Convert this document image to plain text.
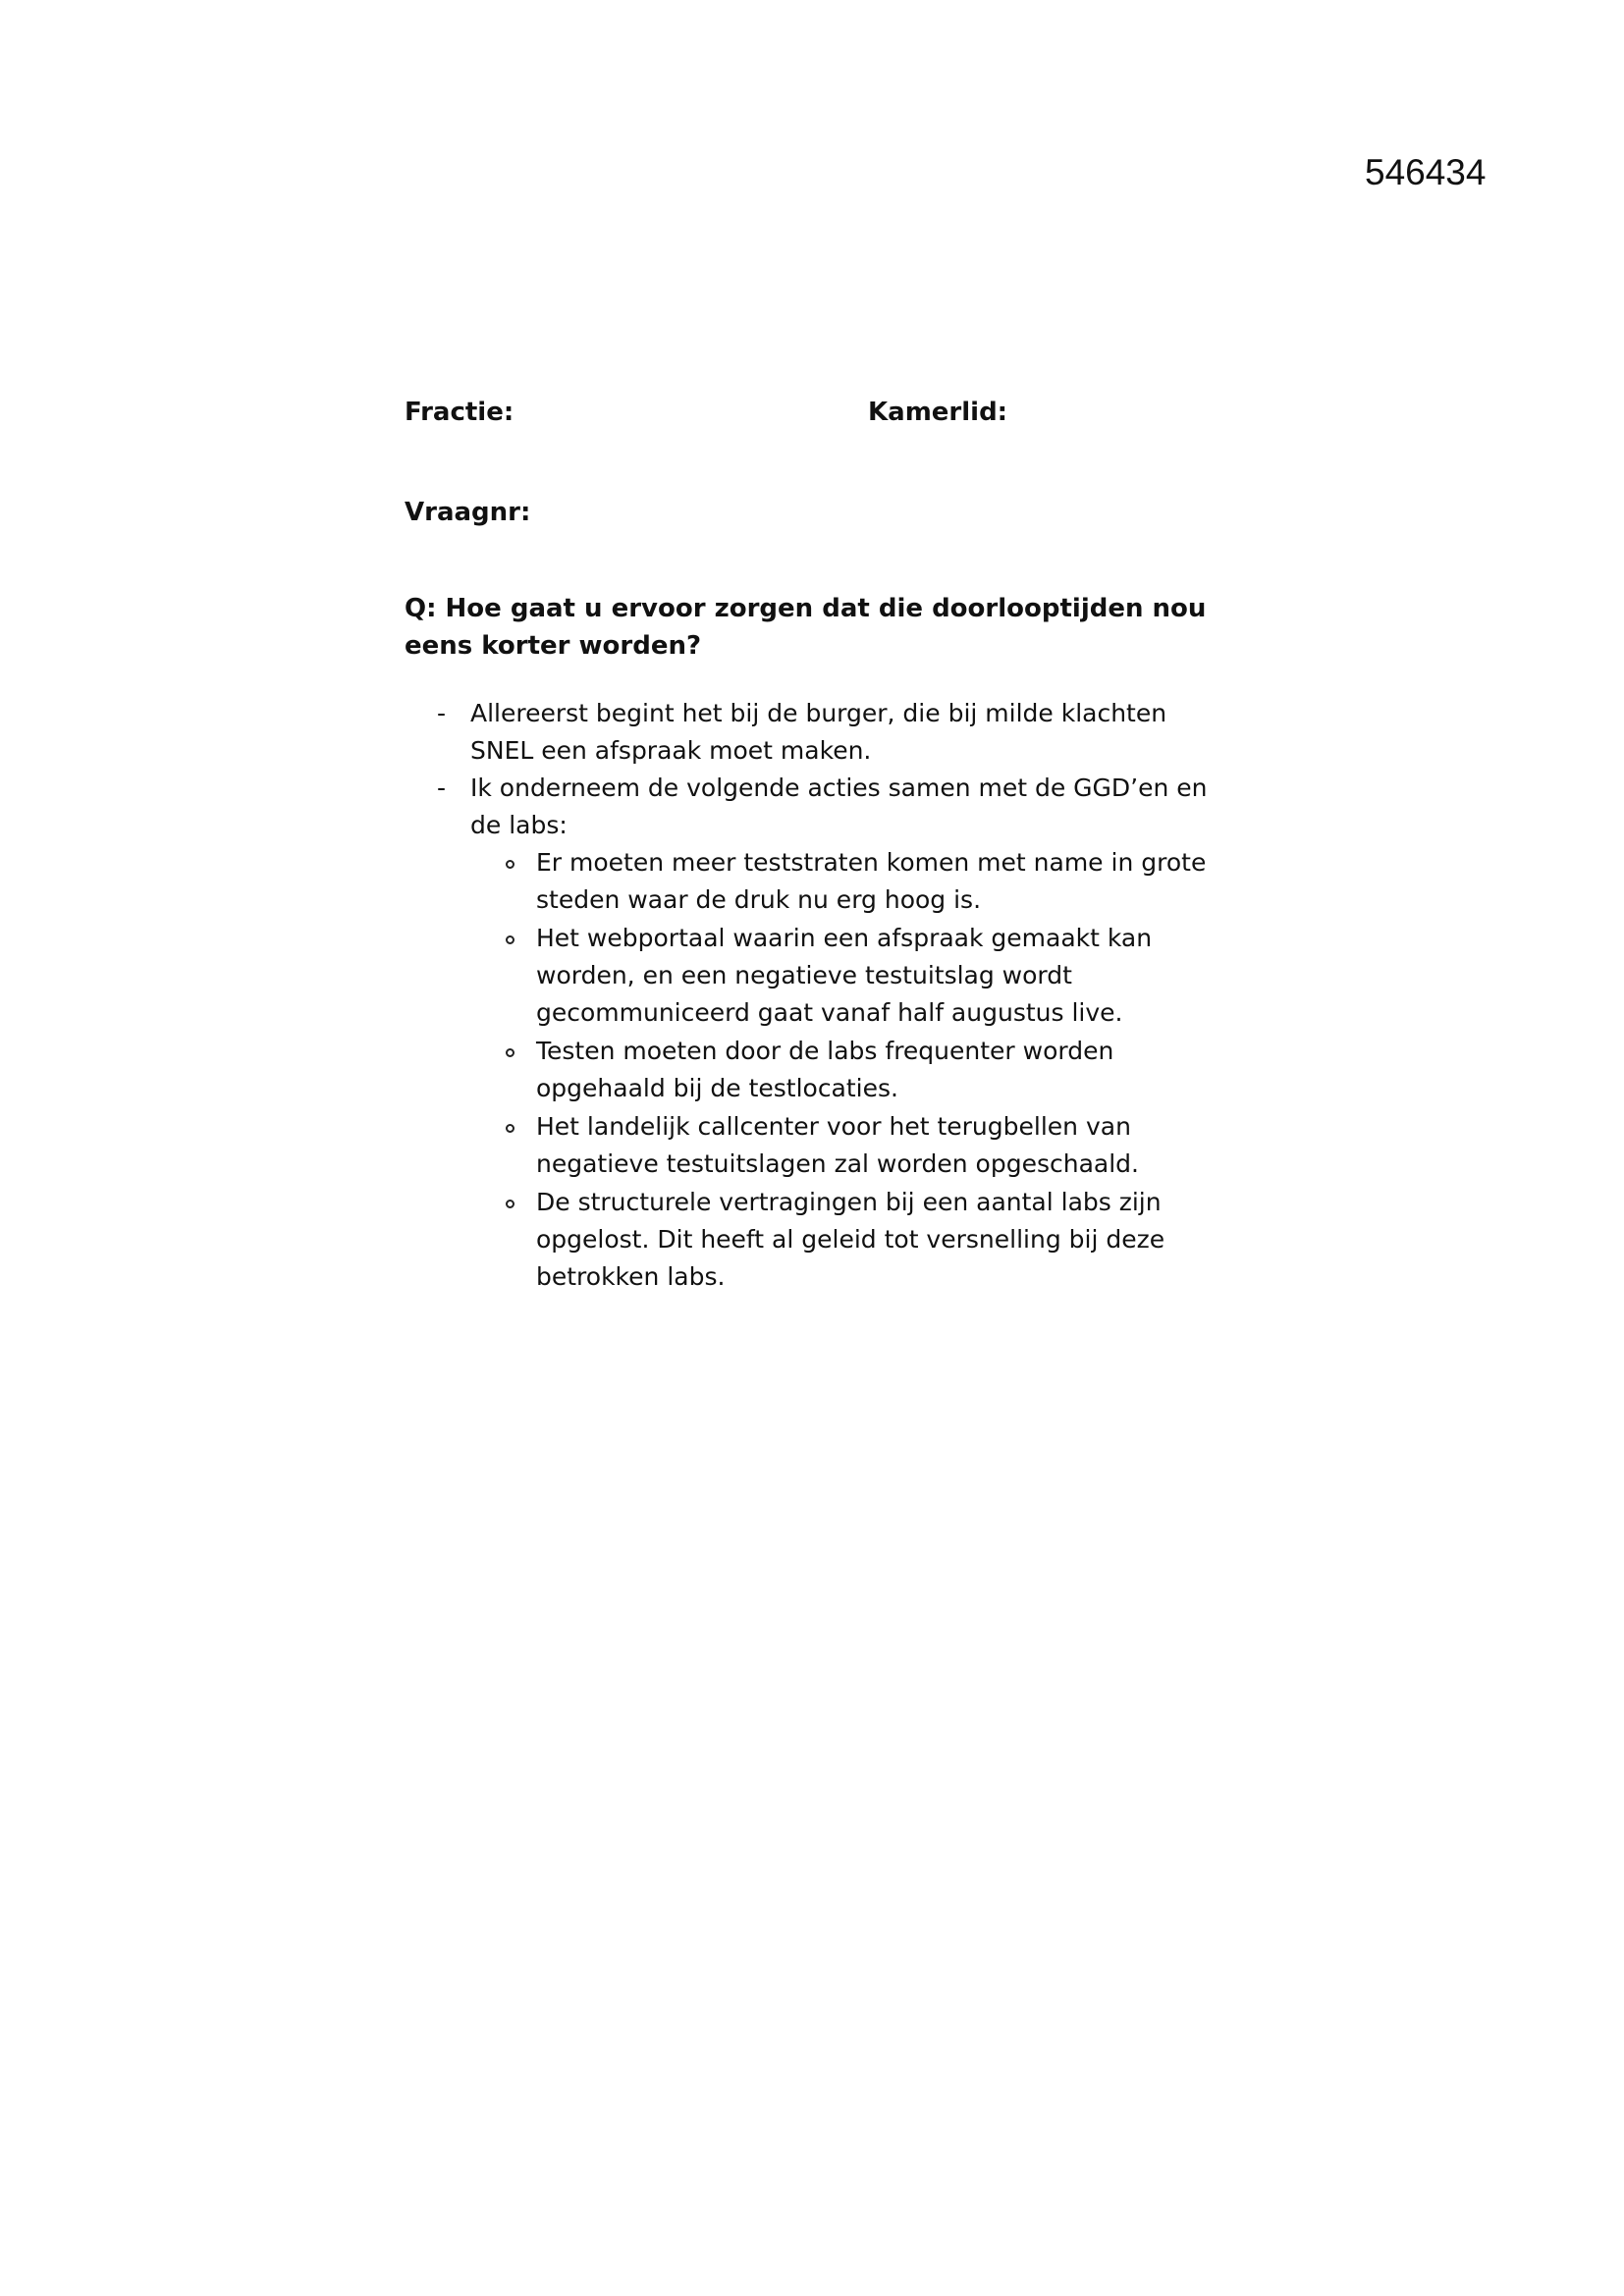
546434
Fractie:	Kamerlid:
Vraagnr:
Q: Hoe gaat u ervoor zorgen dat die doorlooptijden nou eens korter worden?
- Allereerst begint het bij de burger, die bij milde klachten SNEL een afspraak moet maken.
- Ik onderneem de volgende acties samen met de GGD’en en de labs:
Er moeten meer teststraten komen met name in grote steden waar de druk nu erg hoog is.
Het webportaal waarin een afspraak gemaakt kan worden, en een negatieve testuitslag wordt gecommuniceerd gaat vanaf half augustus live.
Testen moeten door de labs frequenter worden opgehaald bij de testlocaties.
Het landelijk callcenter voor het terugbellen van negatieve testuitslagen zal worden opgeschaald.
De structurele vertragingen bij een aantal labs zijn opgelost. Dit heeft al geleid tot versnelling bij deze betrokken labs.
